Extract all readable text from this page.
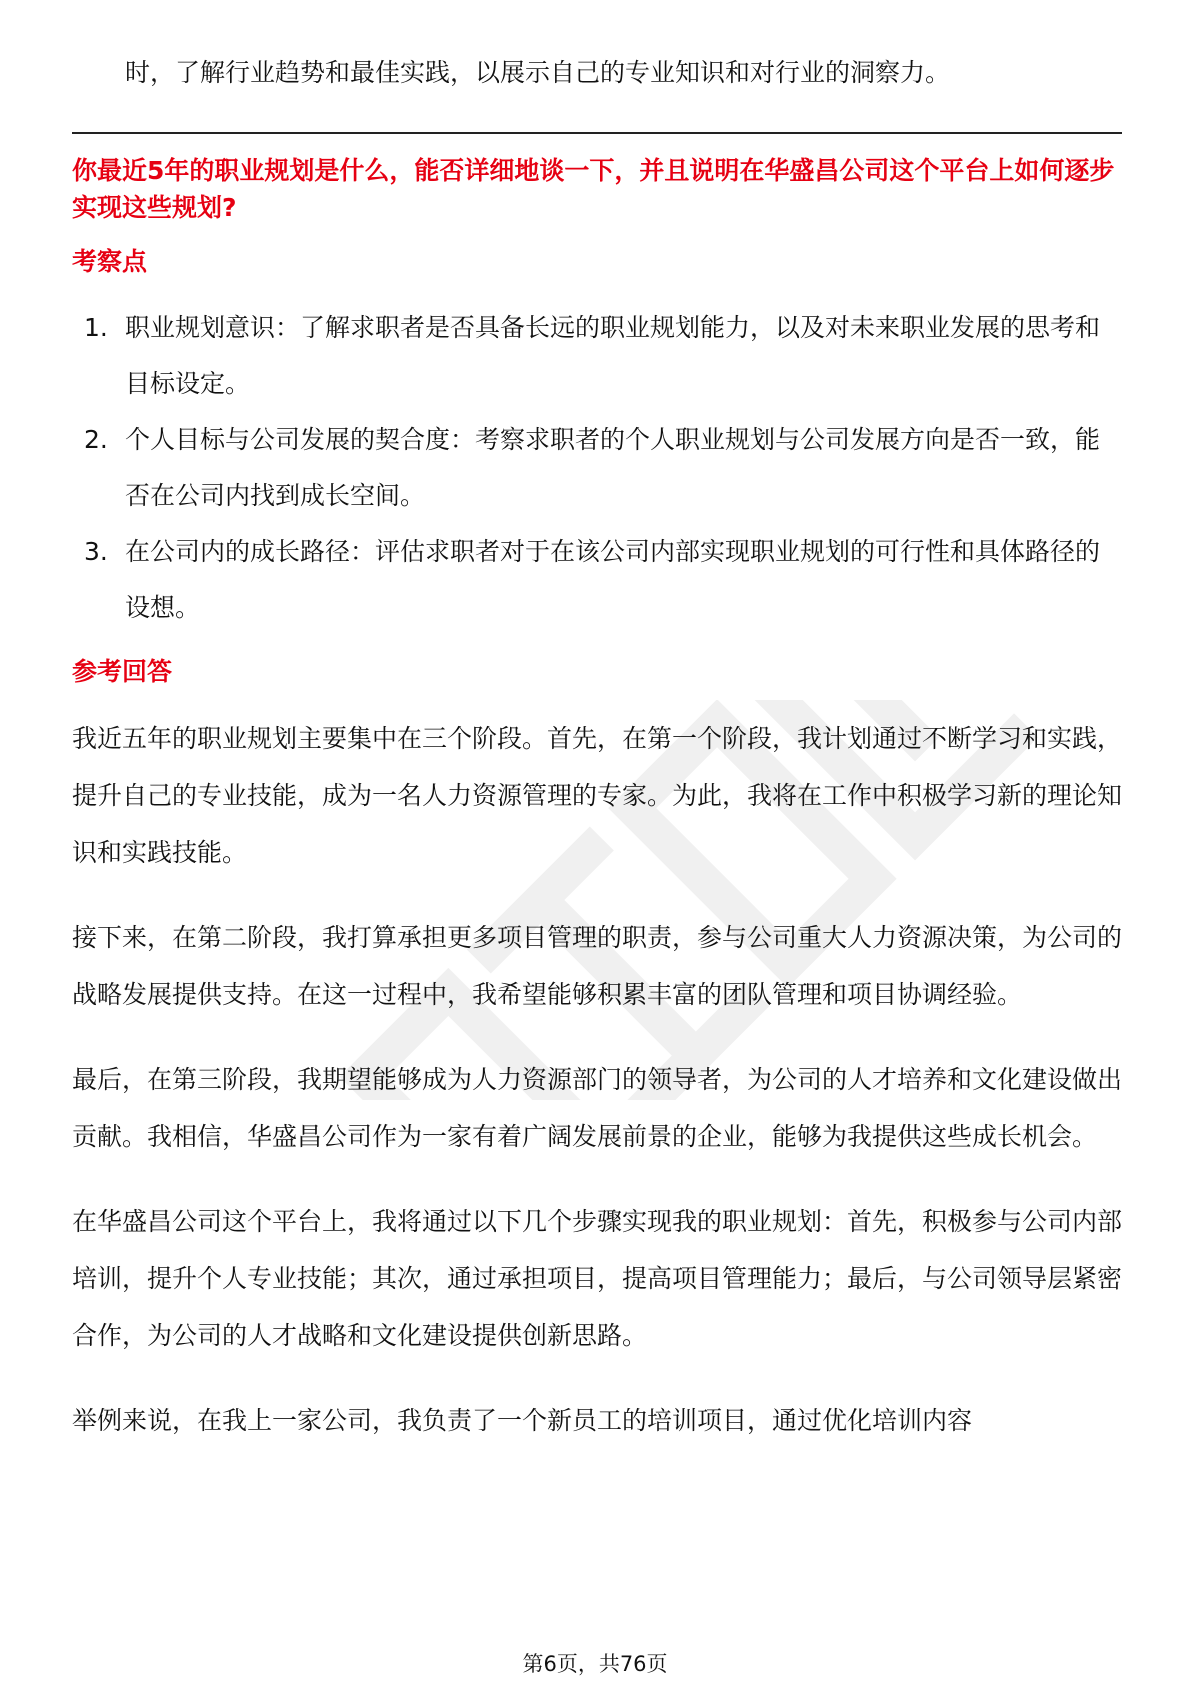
时，了解行业趋势和最佳实践，以展示自己的专业知识和对行业的洞察力。

你最近5年的职业规划是什么，能否详细地谈一下，并且说明在华盛昌公司这个平台上如何逐步实现这些规划?

考察点

1. 职业规划意识：了解求职者是否具备长远的职业规划能力，以及对未来职业发展的思考和目标设定。
2. 个人目标与公司发展的契合度：考察求职者的个人职业规划与公司发展方向是否一致，能否在公司内找到成长空间。
3. 在公司内的成长路径：评估求职者对于在该公司内部实现职业规划的可行性和具体路径的设想。

参考回答

我近五年的职业规划主要集中在三个阶段。首先，在第一个阶段，我计划通过不断学习和实践，提升自己的专业技能，成为一名人力资源管理的专家。为此，我将在工作中积极学习新的理论知识和实践技能。

接下来，在第二阶段，我打算承担更多项目管理的职责，参与公司重大人力资源决策，为公司的战略发展提供支持。在这一过程中，我希望能够积累丰富的团队管理和项目协调经验。

最后，在第三阶段，我期望能够成为人力资源部门的领导者，为公司的人才培养和文化建设做出贡献。我相信，华盛昌公司作为一家有着广阔发展前景的企业，能够为我提供这些成长机会。

在华盛昌公司这个平台上，我将通过以下几个步骤实现我的职业规划：首先，积极参与公司内部培训，提升个人专业技能；其次，通过承担项目，提高项目管理能力；最后，与公司领导层紧密合作，为公司的人才战略和文化建设提供创新思路。

举例来说，在我上一家公司，我负责了一个新员工的培训项目，通过优化培训内容

第6页，共76页
